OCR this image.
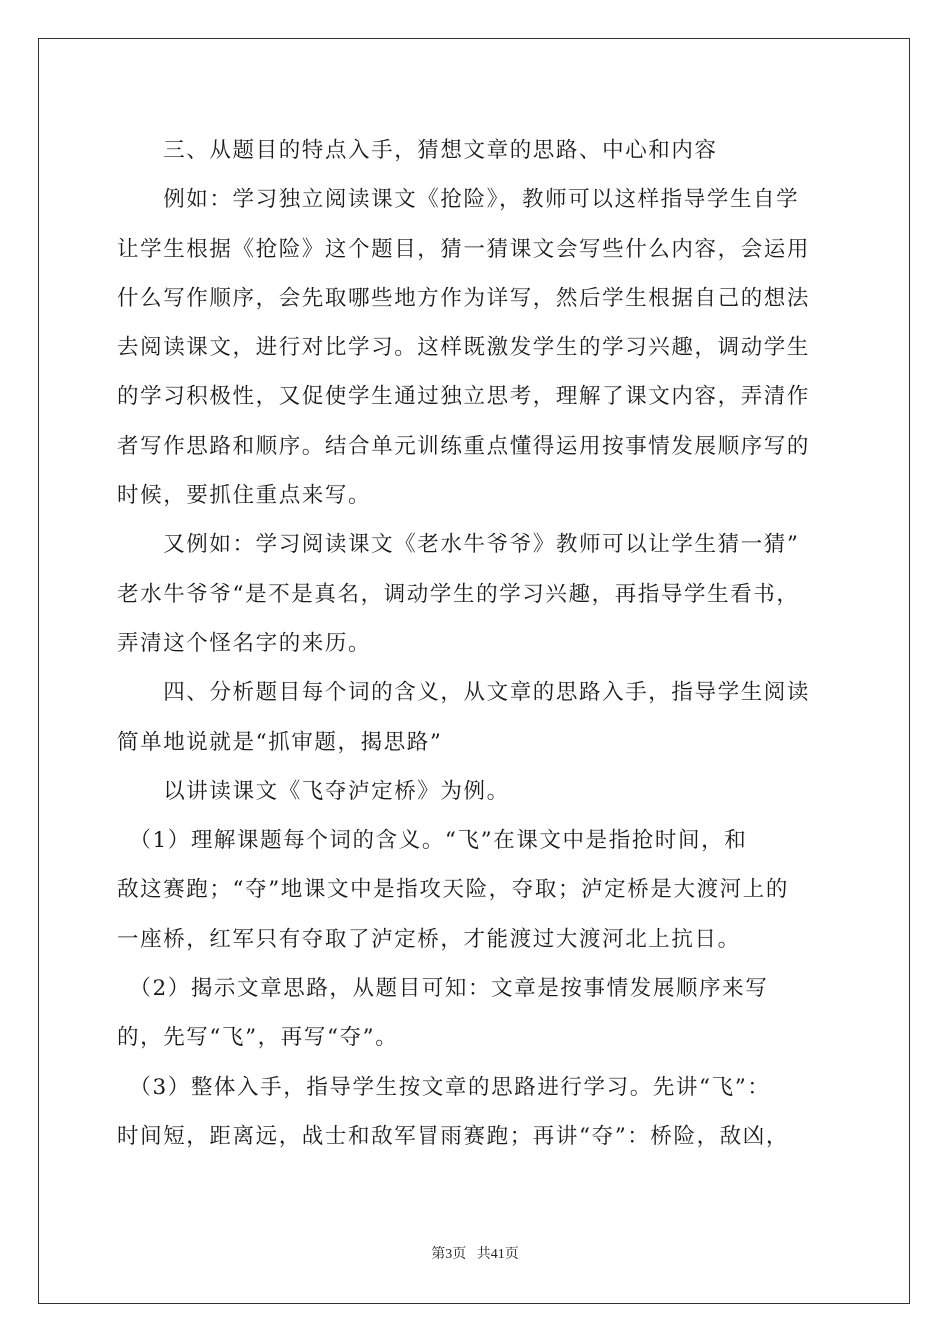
　　三、从题目的特点入手，猜想文章的思路、中心和内容
　　例如：学习独立阅读课文《抢险》，教师可以这样指导学生自学
让学生根据《抢险》这个题目，猜一猜课文会写些什么内容，会运用
什么写作顺序，会先取哪些地方作为详写，然后学生根据自己的想法
去阅读课文，进行对比学习。这样既激发学生的学习兴趣，调动学生
的学习积极性，又促使学生通过独立思考，理解了课文内容，弄清作
者写作思路和顺序。结合单元训练重点懂得运用按事情发展顺序写的
时候，要抓住重点来写。
　　又例如：学习阅读课文《老水牛爷爷》教师可以让学生猜一猜”
老水牛爷爷“是不是真名，调动学生的学习兴趣，再指导学生看书，
弄清这个怪名字的来历。
　　四、分析题目每个词的含义，从文章的思路入手，指导学生阅读
简单地说就是“抓审题，揭思路”
　　以讲读课文《飞夺泸定桥》为例。
　（1）理解课题每个词的含义。“飞”在课文中是指抢时间，和
敌这赛跑；“夺”地课文中是指攻天险，夺取；泸定桥是大渡河上的
一座桥，红军只有夺取了泸定桥，才能渡过大渡河北上抗日。
　（2）揭示文章思路，从题目可知：文章是按事情发展顺序来写
的，先写“飞”，再写“夺”。
　（3）整体入手，指导学生按文章的思路进行学习。先讲“飞”：
时间短，距离远，战士和敌军冒雨赛跑；再讲“夺”：桥险，敌凶，
第3页 共41页
